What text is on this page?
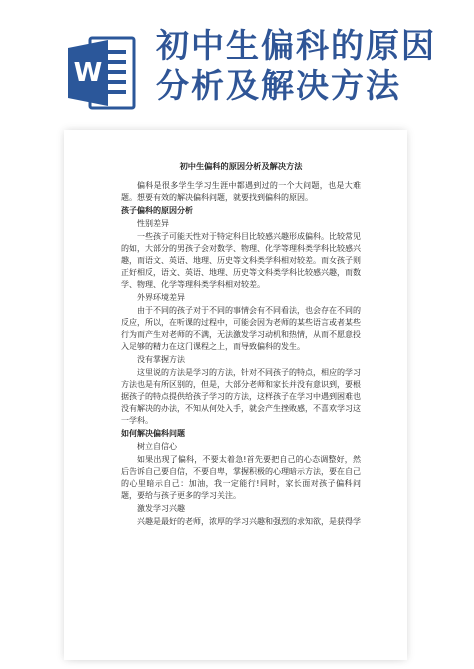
W
初中生偏科的原因
分析及解决方法
初中生偏科的原因分析及解决方法
偏科是很多学生学习生涯中都遇到过的一个大问题，也是大难题。想要有效的解决偏科问题，就要找到偏科的原因。
孩子偏科的原因分析
性别差异
一些孩子可能天性对于特定科目比较感兴趣形成偏科。比较常见的如，大部分的男孩子会对数学、物理、化学等理科类学科比较感兴趣，而语文、英语、地理、历史等文科类学科相对较差。而女孩子则正好相反，语文、英语、地理、历史等文科类学科比较感兴趣，而数学、物理、化学等理科类学科相对较差。
外界环境差异
由于不同的孩子对于不同的事情会有不同看法，也会存在不同的反应，所以，在听课的过程中，可能会因为老师的某些语言或者某些行为而产生对老师的不满，无法激发学习动机和热情，从而不愿意投入足够的精力在这门课程之上，而导致偏科的发生。
没有掌握方法
这里说的方法是学习的方法，针对不同孩子的特点，相应的学习方法也是有所区别的，但是，大部分老师和家长并没有意识到，要根据孩子的特点提供给孩子学习的方法，这样孩子在学习中遇到困难也没有解决的办法，不知从何处入手，就会产生挫败感，不喜欢学习这一学科。
如何解决偏科问题
树立自信心
如果出现了偏科，不要太着急!首先要把自己的心态调整好，然后告诉自己要自信，不要自卑，掌握积极的心理暗示方法，要在自己的心里暗示自己：加油，我一定能行!同时，家长面对孩子偏科问题，要给与孩子更多的学习关注。
激发学习兴趣
兴趣是最好的老师，浓厚的学习兴趣和强烈的求知欲，是获得学
